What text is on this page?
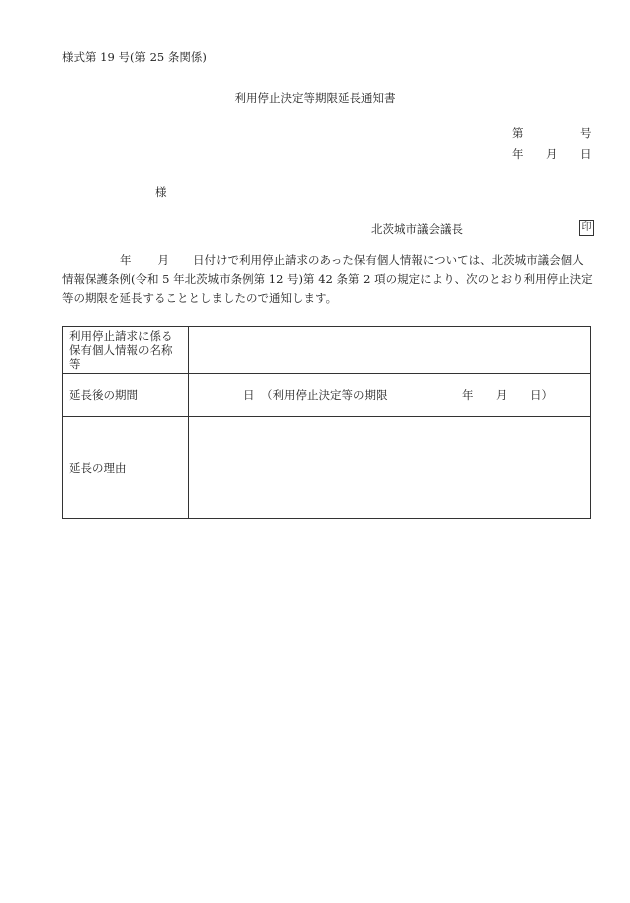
様式第 19 号(第 25 条関係)
利用停止決定等期限延長通知書
第	号
年 月 日
様
北茨城市議会議長	印

年 月 日付けで利用停止請求のあった保有個人情報については、北茨城市議会個人

情報保護条例(令和 5 年北茨城市条例第 12 号)第 42 条第 2 項の規定により、次のとおり利用停止決定

等の期限を延長することとしましたので通知します。

利用停止請求に係る
保有個人情報の名称
等	

延長後の期間	日 （利用停止決定等の期限 年 月 日）

延長の理由	
